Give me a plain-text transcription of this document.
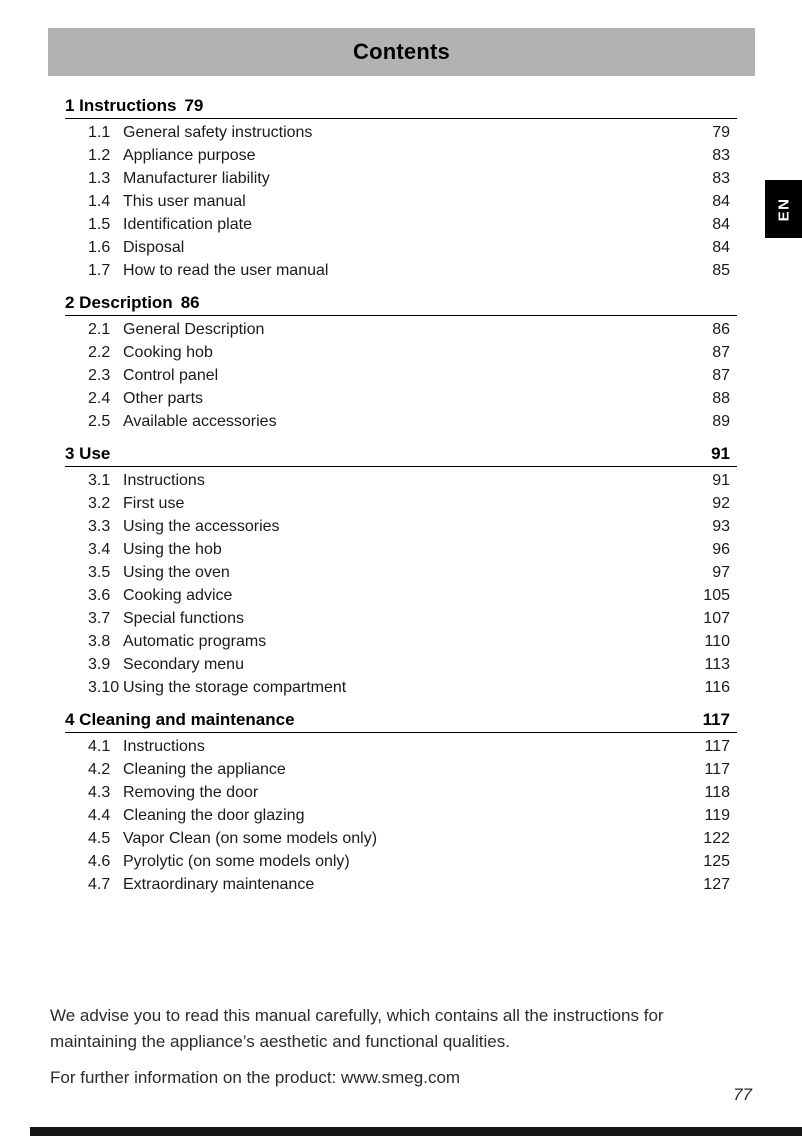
Contents
EN
1 Instructions 79
1.1 General safety instructions	79
1.2 Appliance purpose	83
1.3 Manufacturer liability	83
1.4 This user manual	84
1.5 Identification plate	84
1.6 Disposal	84
1.7 How to read the user manual	85
2 Description 86
2.1 General Description	86
2.2 Cooking hob	87
2.3 Control panel	87
2.4 Other parts	88
2.5 Available accessories	89
3 Use	91
3.1 Instructions	91
3.2 First use	92
3.3 Using the accessories	93
3.4 Using the hob	96
3.5 Using the oven	97
3.6 Cooking advice	105
3.7 Special functions	107
3.8 Automatic programs	110
3.9 Secondary menu	113
3.10 Using the storage compartment	116
4 Cleaning and maintenance	117
4.1 Instructions	117
4.2 Cleaning the appliance	117
4.3 Removing the door	118
4.4 Cleaning the door glazing	119
4.5 Vapor Clean (on some models only)	122
4.6 Pyrolytic (on some models only)	125
4.7 Extraordinary maintenance	127

We advise you to read this manual carefully, which contains all the instructions for maintaining the appliance’s aesthetic and functional qualities.

For further information on the product: www.smeg.com

77
